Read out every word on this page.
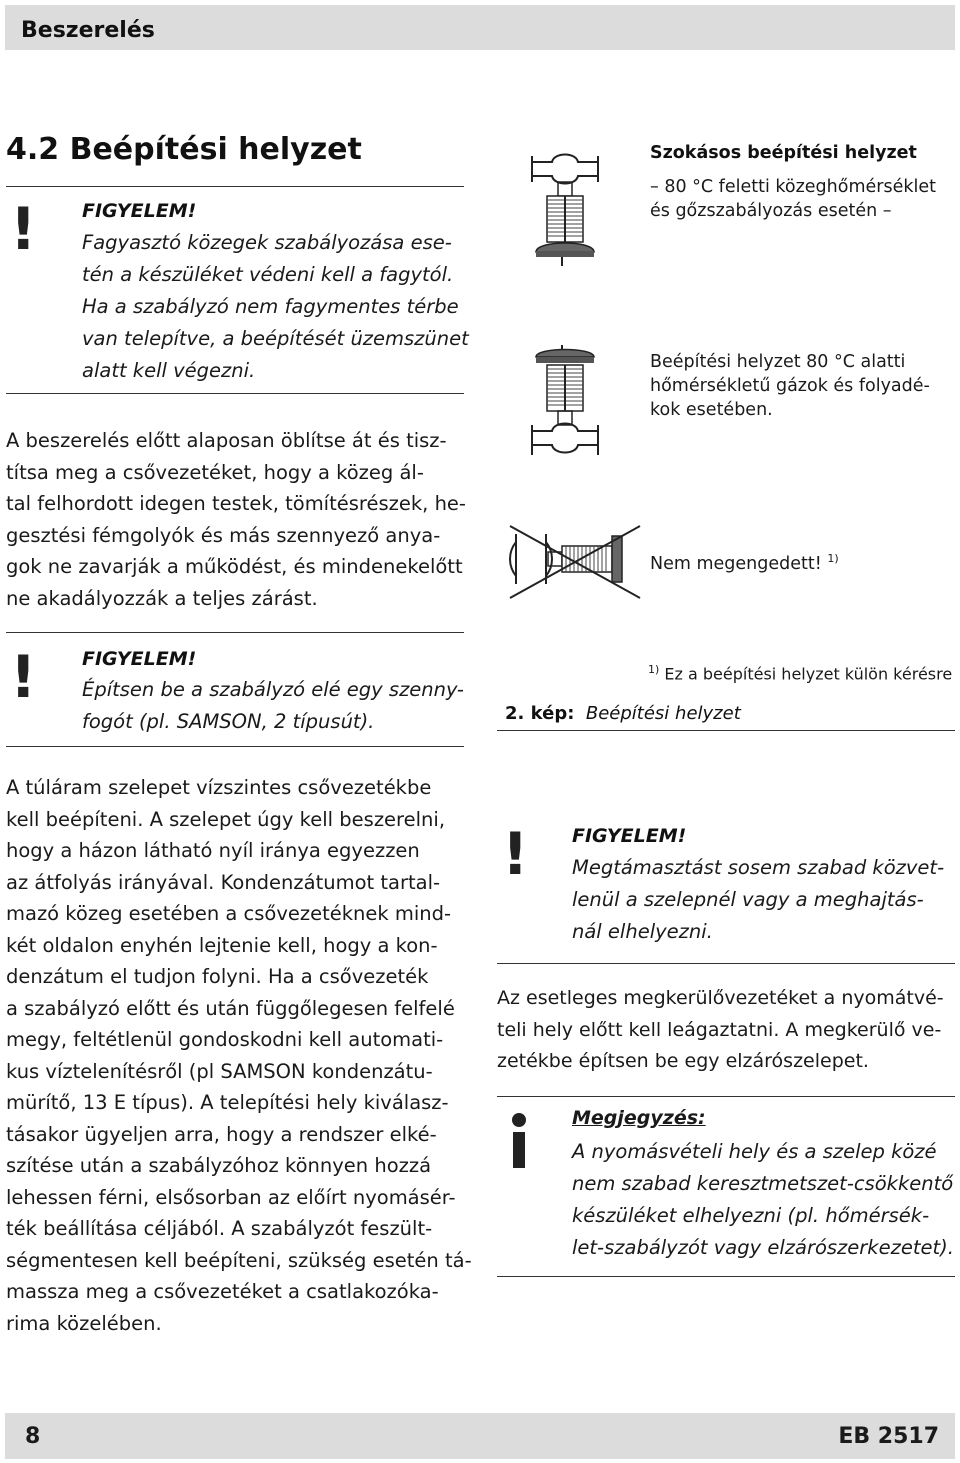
Beszerelés
4.2 Beépítési helyzet
! FIGYELEM!
Fagyasztó közegek szabályozása ese-
tén a készüléket védeni kell a fagytól.
Ha a szabályzó nem fagymentes térbe
van telepítve, a beépítését üzemszünet
alatt kell végezni.
A beszerelés előtt alaposan öblítse át és tisz-
títsa meg a csővezetéket, hogy a közeg ál-
tal felhordott idegen testek, tömítésrészek, he-
gesztési fémgolyók és más szennyező anya-
gok ne zavarják a működést, és mindenekelőtt
ne akadályozzák a teljes zárást.
! FIGYELEM!
Építsen be a szabályzó elé egy szenny-
fogót (pl. SAMSON, 2 típusút).
A túláram szelepet vízszintes csővezetékbe
kell beépíteni. A szelepet úgy kell beszerelni,
hogy a házon látható nyíl iránya egyezzen
az átfolyás irányával. Kondenzátumot tartal-
mazó közeg esetében a csővezetéknek mind-
két oldalon enyhén lejtenie kell, hogy a kon-
denzátum el tudjon folyni. Ha a csővezeték
a szabályzó előtt és után függőlegesen felfelé
megy, feltétlenül gondoskodni kell automati-
kus víztelenítésről (pl SAMSON kondenzátu-
mürítő, 13 E típus). A telepítési hely kiválasz-
tásakor ügyeljen arra, hogy a rendszer elké-
szítése után a szabályzóhoz könnyen hozzá
lehessen férni, elsősorban az előírt nyomásér-
ték beállítása céljából. A szabályzót feszült-
ségmentesen kell beépíteni, szükség esetén tá-
massza meg a csővezetéket a csatlakozóka-
rima közelében.
Szokásos beépítési helyzet
– 80 °C feletti közeghőmérséklet
és gőzszabályozás esetén –
Beépítési helyzet 80 °C alatti
hőmérsékletű gázok és folyadé-
kok esetében.
Nem megengedett! $^{1)}$
$^{1)}$ Ez a beépítési helyzet külön kérésre
2. kép: Beépítési helyzet
! FIGYELEM!
Megtámasztást sosem szabad közvet-
lenül a szelepnél vagy a meghajtás-
nál elhelyezni.
Az esetleges megkerülővezetéket a nyomátvé-
teli hely előtt kell leágaztatni. A megkerülő ve-
zetékbe építsen be egy elzárószelepet.
Megjegyzés:
A nyomásvételi hely és a szelep közé
nem szabad keresztmetszet-csökkentő
készüléket elhelyezni (pl. hőmérsék-
let-szabályzót vagy elzárószerkezetet).
8	EB 2517
